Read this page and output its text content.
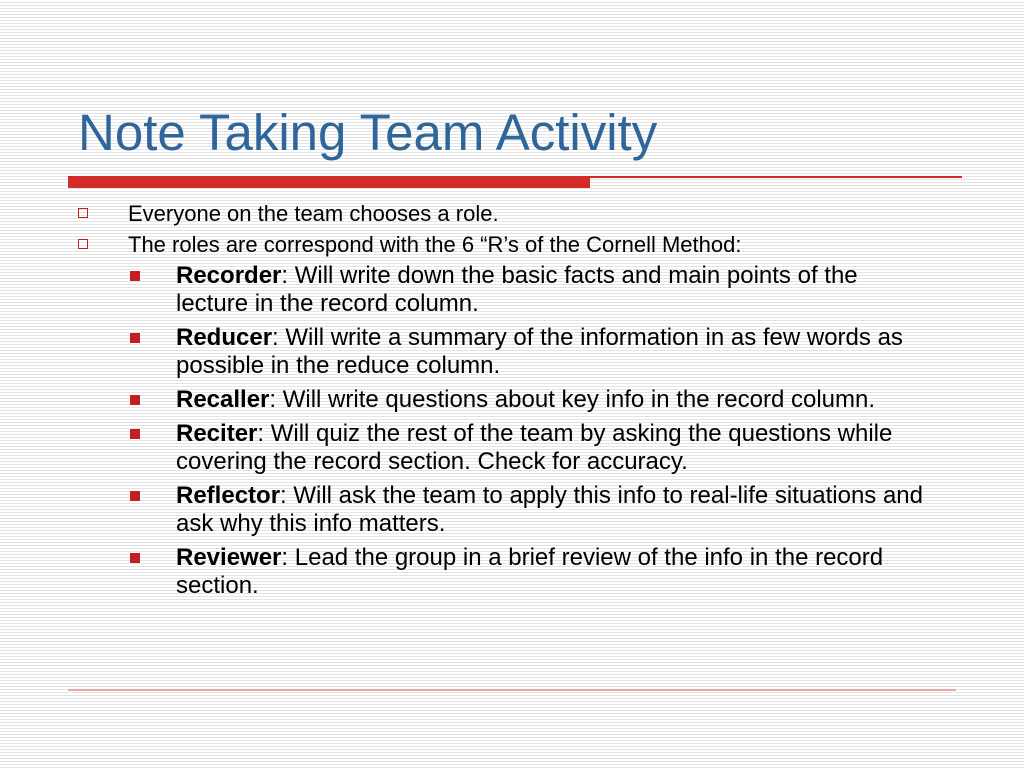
Note Taking Team Activity
Everyone on the team chooses a role.
The roles are correspond with the 6 “R’s of the Cornell Method:
Recorder: Will write down the basic facts and main points of the lecture in the record column.
Reducer: Will write a summary of the information in as few words as possible in the reduce column.
Recaller: Will write questions about key info in the record column.
Reciter: Will quiz the rest of the team by asking the questions while covering the record section. Check for accuracy.
Reflector: Will ask the team to apply this info to real-life situations and ask why this info matters.
Reviewer: Lead the group in a brief review of the info in the record section.
